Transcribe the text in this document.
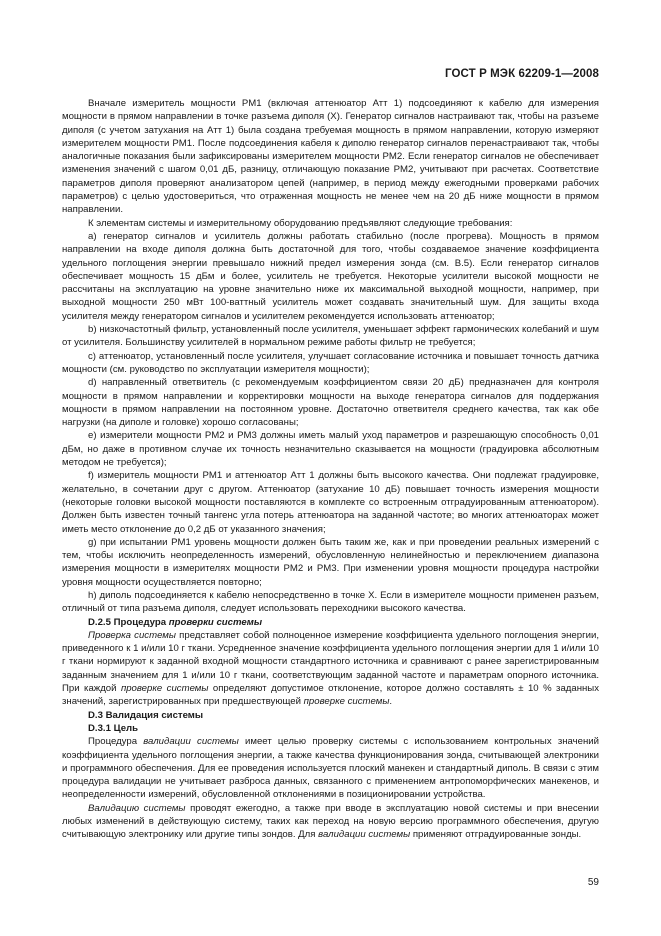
ГОСТ Р МЭК 62209-1—2008

Вначале измеритель мощности PM1 (включая аттенюатор Атт 1) подсоединяют к кабелю для измерения мощности в прямом направлении в точке разъема диполя (X). Генератор сигналов настраивают так, чтобы на разъеме диполя (с учетом затухания на Атт 1) была создана требуемая мощность в прямом направлении, которую измеряют измерителем мощности PM1. После подсоединения кабеля к диполю генератор сигналов перенастраивают так, чтобы аналогичные показания были зафиксированы измерителем мощности PM2. Если генератор сигналов не обеспечивает изменения значений с шагом 0,01 дБ, разницу, отличающую показание PM2, учитывают при расчетах. Соответствие параметров диполя проверяют анализатором цепей (например, в период между ежегодными проверками рабочих параметров) с целью удостовериться, что отраженная мощность не менее чем на 20 дБ ниже мощности в прямом направлении.

К элементам системы и измерительному оборудованию предъявляют следующие требования:

a) генератор сигналов и усилитель должны работать стабильно (после прогрева). Мощность в прямом направлении на входе диполя должна быть достаточной для того, чтобы создаваемое значение коэффициента удельного поглощения энергии превышало нижний предел измерения зонда (см. B.5). Если генератор сигналов обеспечивает мощность 15 дБм и более, усилитель не требуется. Некоторые усилители высокой мощности не рассчитаны на эксплуатацию на уровне значительно ниже их максимальной выходной мощности, например, при выходной мощности 250 мВт 100-ваттный усилитель может создавать значительный шум. Для защиты входа усилителя между генератором сигналов и усилителем рекомендуется использовать аттенюатор;

b) низкочастотный фильтр, установленный после усилителя, уменьшает эффект гармонических колебаний и шум от усилителя. Большинству усилителей в нормальном режиме работы фильтр не требуется;

c) аттенюатор, установленный после усилителя, улучшает согласование источника и повышает точность датчика мощности (см. руководство по эксплуатации измерителя мощности);

d) направленный ответвитель (с рекомендуемым коэффициентом связи 20 дБ) предназначен для контроля мощности в прямом направлении и корректировки мощности на выходе генератора сигналов для поддержания мощности в прямом направлении на постоянном уровне. Достаточно ответвителя среднего качества, так как обе нагрузки (на диполе и головке) хорошо согласованы;

e) измерители мощности PM2 и PM3 должны иметь малый уход параметров и разрешающую способность 0,01 дБм, но даже в противном случае их точность незначительно сказывается на мощности (градуировка абсолютным методом не требуется);

f) измеритель мощности PM1 и аттенюатор Атт 1 должны быть высокого качества. Они подлежат градуировке, желательно, в сочетании друг с другом. Аттенюатор (затухание 10 дБ) повышает точность измерения мощности (некоторые головки высокой мощности поставляются в комплекте со встроенным отградуированным аттенюатором). Должен быть известен точный тангенс угла потерь аттенюатора на заданной частоте; во многих аттенюаторах может иметь место отклонение до 0,2 дБ от указанного значения;

g) при испытании PM1 уровень мощности должен быть таким же, как и при проведении реальных измерений с тем, чтобы исключить неопределенность измерений, обусловленную нелинейностью и переключением диапазона измерения мощности в измерителях мощности PM2 и PM3. При изменении уровня мощности процедура настройки уровня мощности осуществляется повторно;

h) диполь подсоединяется к кабелю непосредственно в точке X. Если в измерителе мощности применен разъем, отличный от типа разъема диполя, следует использовать переходники высокого качества.

D.2.5 Процедура проверки системы

Проверка системы представляет собой полноценное измерение коэффициента удельного поглощения энергии, приведенного к 1 и/или 10 г ткани. Усредненное значение коэффициента удельного поглощения энергии для 1 и/или 10 г ткани нормируют к заданной входной мощности стандартного источника и сравнивают с ранее зарегистрированным заданным значением для 1 и/или 10 г ткани, соответствующим заданной частоте и параметрам опорного источника. При каждой проверке системы определяют допустимое отклонение, которое должно составлять ± 10 % заданных значений, зарегистрированных при предшествующей проверке системы.

D.3 Валидация системы

D.3.1 Цель

Процедура валидации системы имеет целью проверку системы с использованием контрольных значений коэффициента удельного поглощения энергии, а также качества функционирования зонда, считывающей электроники и программного обеспечения. Для ее проведения используется плоский манекен и стандартный диполь. В связи с этим процедура валидации не учитывает разброса данных, связанного с применением антропоморфических манекенов, и неопределенности измерений, обусловленной отклонениями в позиционировании устройства.

Валидацию системы проводят ежегодно, а также при вводе в эксплуатацию новой системы и при внесении любых изменений в действующую систему, таких как переход на новую версию программного обеспечения, другую считывающую электронику или другие типы зондов. Для валидации системы применяют отградуированные зонды.

59
